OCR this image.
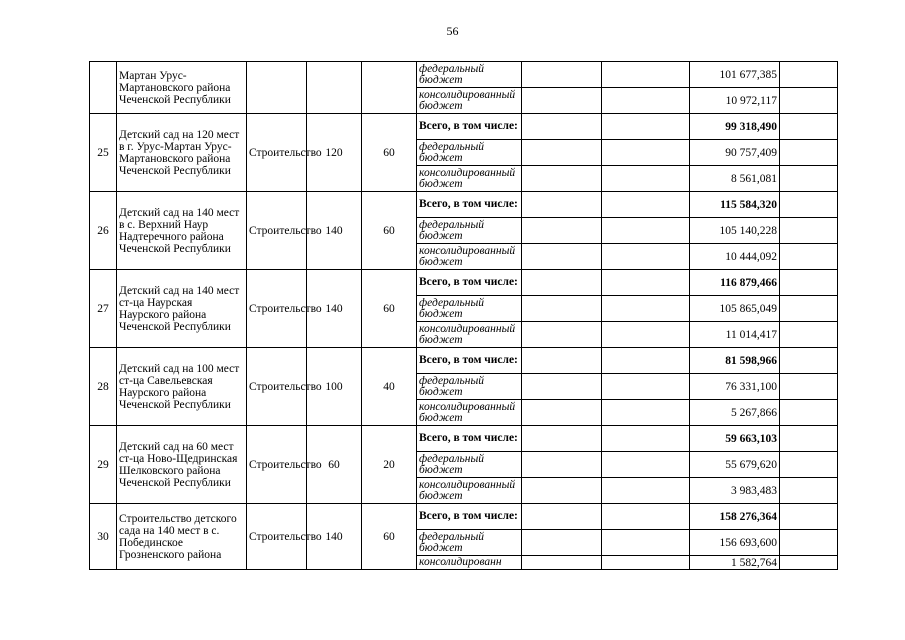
56
	Мартан Урус-Мартановского района Чеченской Республики				федеральный бюджет			101 677,385	
					консолидированный бюджет			10 972,117	
25	Детский сад на 120 мест в г. Урус-Мартан Урус-Мартановского района Чеченской Республики	Строительство	120	60	Всего, в том числе:			99 318,490	
					федеральный бюджет			90 757,409	
					консолидированный бюджет			8 561,081	
26	Детский сад на 140 мест в с. Верхний Наур Надтеречного района Чеченской Республики	Строительство	140	60	Всего, в том числе:			115 584,320	
					федеральный бюджет			105 140,228	
					консолидированный бюджет			10 444,092	
27	Детский сад на 140 мест ст-ца Наурская Наурского района Чеченской Республики	Строительство	140	60	Всего, в том числе:			116 879,466	
					федеральный бюджет			105 865,049	
					консолидированный бюджет			11 014,417	
28	Детский сад на 100 мест ст-ца Савельевская Наурского района Чеченской Республики	Строительство	100	40	Всего, в том числе:			81 598,966	
					федеральный бюджет			76 331,100	
					консолидированный бюджет			5 267,866	
29	Детский сад на 60 мест ст-ца Ново-Щедринская Шелковского района Чеченской Республики	Строительство	60	20	Всего, в том числе:			59 663,103	
					федеральный бюджет			55 679,620	
					консолидированный бюджет			3 983,483	
30	Строительство детского сада на 140 мест в с. Побединское Грозненского района	Строительство	140	60	Всего, в том числе:			158 276,364	
					федеральный бюджет			156 693,600	
					консолидированн			1 582,764	
